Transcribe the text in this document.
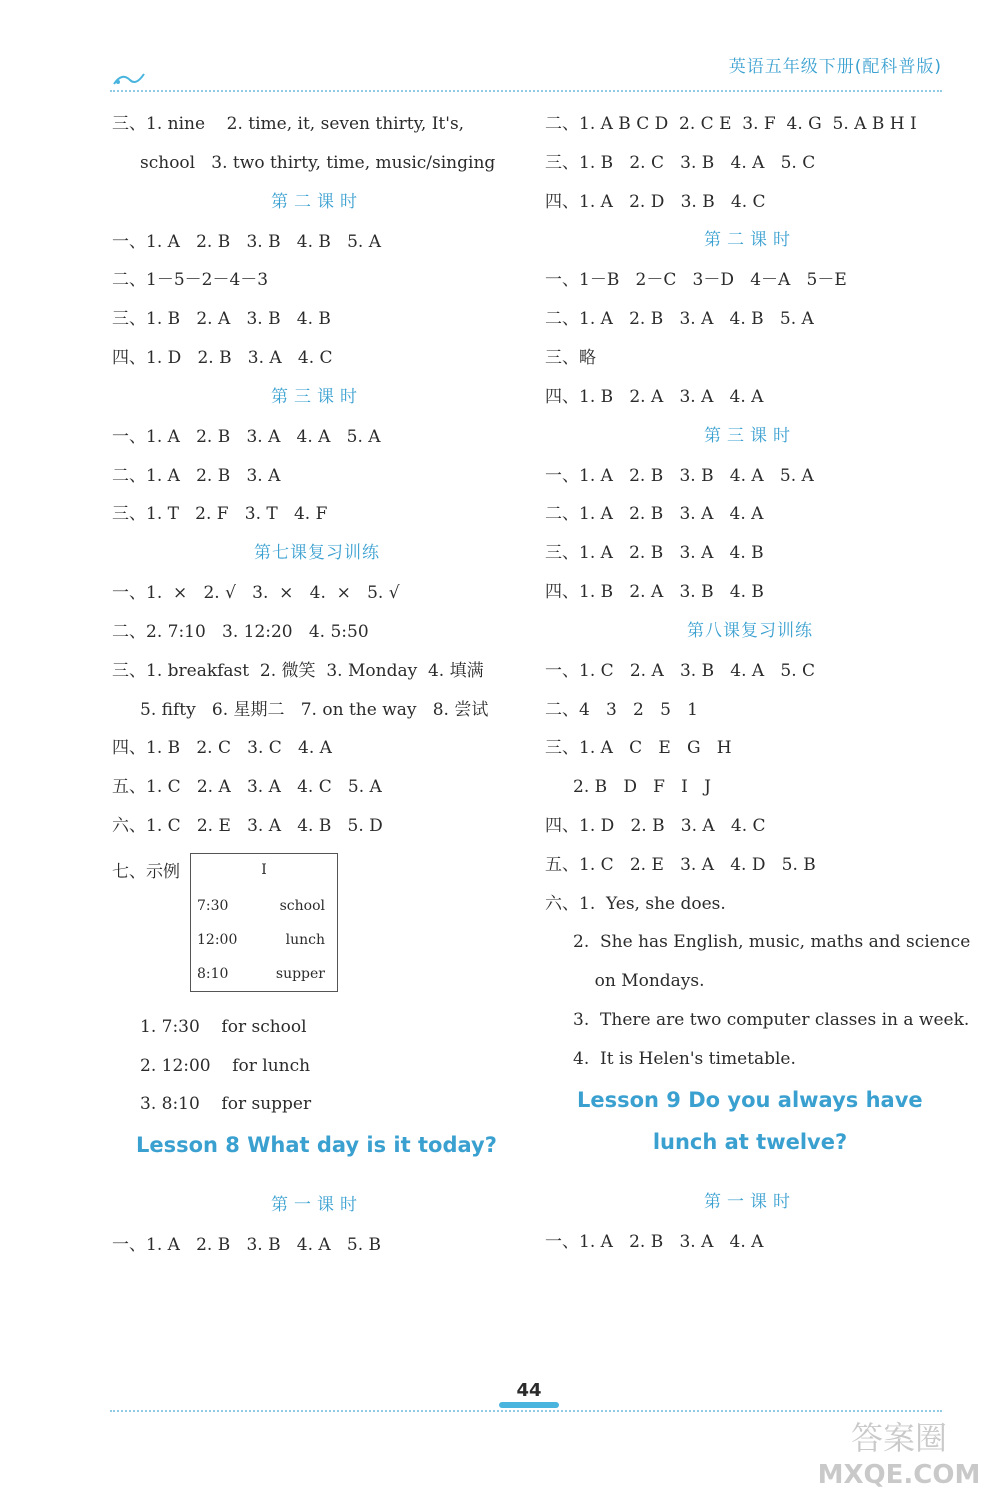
英语五年级下册(配科普版)
三、1. nine    2. time, it, seven thirty, It's,
school   3. two thirty, time, music/singing
第二课时
一、1. A   2. B   3. B   4. B   5. A
二、1－5－2－4－3
三、1. B   2. A   3. B   4. B
四、1. D   2. B   3. A   4. C
第三课时
一、1. A   2. B   3. A   4. A   5. A
二、1. A   2. B   3. A
三、1. T   2. F   3. T   4. F
第七课复习训练
一、1.  ×   2. √   3.  ×   4.  ×   5. √
二、2. 7:10   3. 12:20   4. 5:50
三、1. breakfast  2. 微笑  3. Monday  4. 填满
5. fifty   6. 星期二   7. on the way   8. 尝试
四、1. B   2. C   3. C   4. A
五、1. C   2. A   3. A   4. C   5. A
六、1. C   2. E   3. A   4. B   5. D
七、示例	I
7:30	school
12:00	lunch
8:10	supper
1. 7:30    for school
2. 12:00    for lunch
3. 8:10    for supper
Lesson 8 What day is it today?
第一课时
一、1. A   2. B   3. B   4. A   5. B
二、1. A B C D  2. C E  3. F  4. G  5. A B H I
三、1. B   2. C   3. B   4. A   5. C
四、1. A   2. D   3. B   4. C
第二课时
一、1－B   2－C   3－D   4－A   5－E
二、1. A   2. B   3. A   4. B   5. A
三、略
四、1. B   2. A   3. A   4. A
第三课时
一、1. A   2. B   3. B   4. A   5. A
二、1. A   2. B   3. A   4. A
三、1. A   2. B   3. A   4. B
四、1. B   2. A   3. B   4. B
第八课复习训练
一、1. C   2. A   3. B   4. A   5. C
二、4   3   2   5   1
三、1. A   C   E   G   H
2. B   D   F   I   J
四、1. D   2. B   3. A   4. C
五、1. C   2. E   3. A   4. D   5. B
六、1.  Yes, she does.
2.  She has English, music, maths and science
on Mondays.
3.  There are two computer classes in a week.
4.  It is Helen's timetable.
Lesson 9 Do you always have
lunch at twelve?
第一课时
一、1. A   2. B   3. A   4. A
44
答案圈
MXQE.COM
